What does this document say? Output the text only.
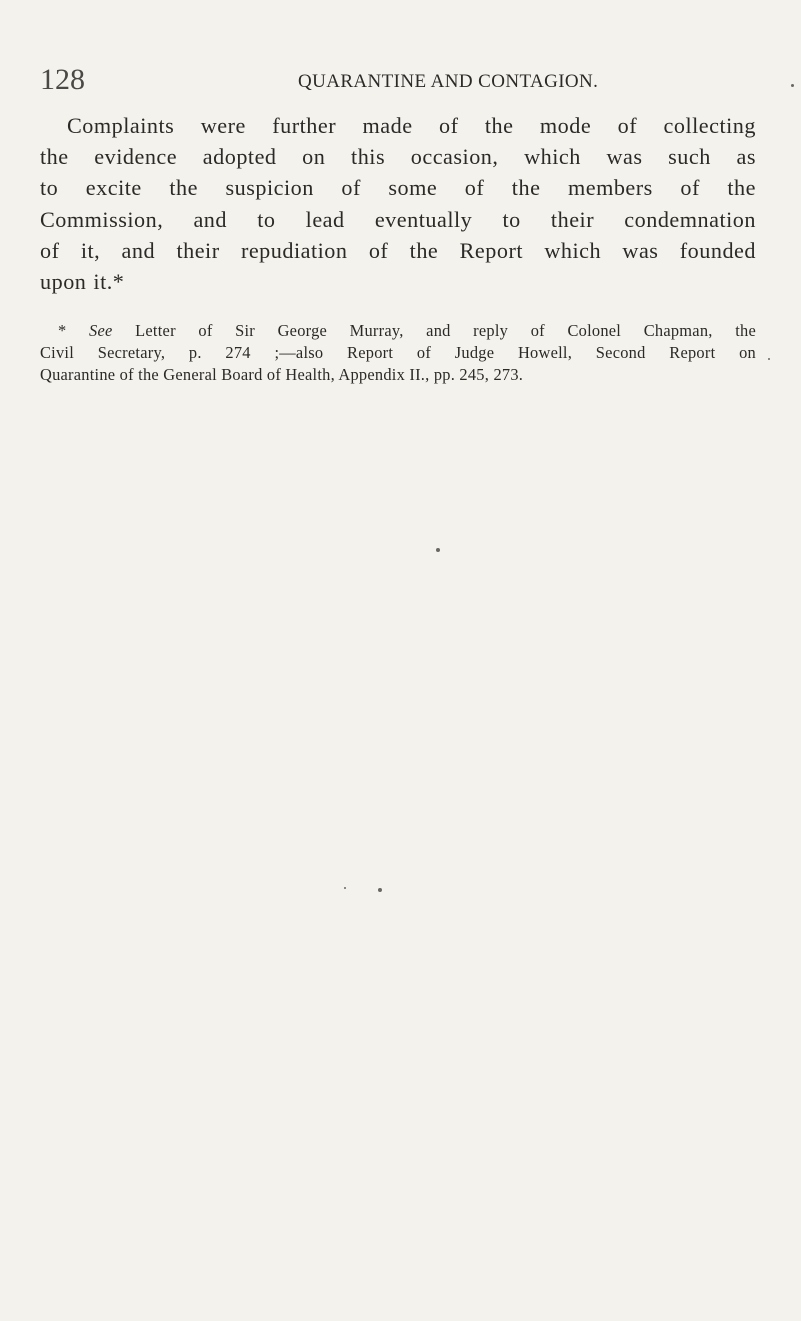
128	QUARANTINE AND CONTAGION.

Complaints were further made of the mode of collecting
the evidence adopted on this occasion, which was such as
to excite the suspicion of some of the members of the
Commission, and to lead eventually to their condemnation
of it, and their repudiation of the Report which was founded
upon it.*

* See Letter of Sir George Murray, and reply of Colonel Chapman, the
Civil Secretary, p. 274 ;—also Report of Judge Howell, Second Report on
Quarantine of the General Board of Health, Appendix II., pp. 245, 273.
